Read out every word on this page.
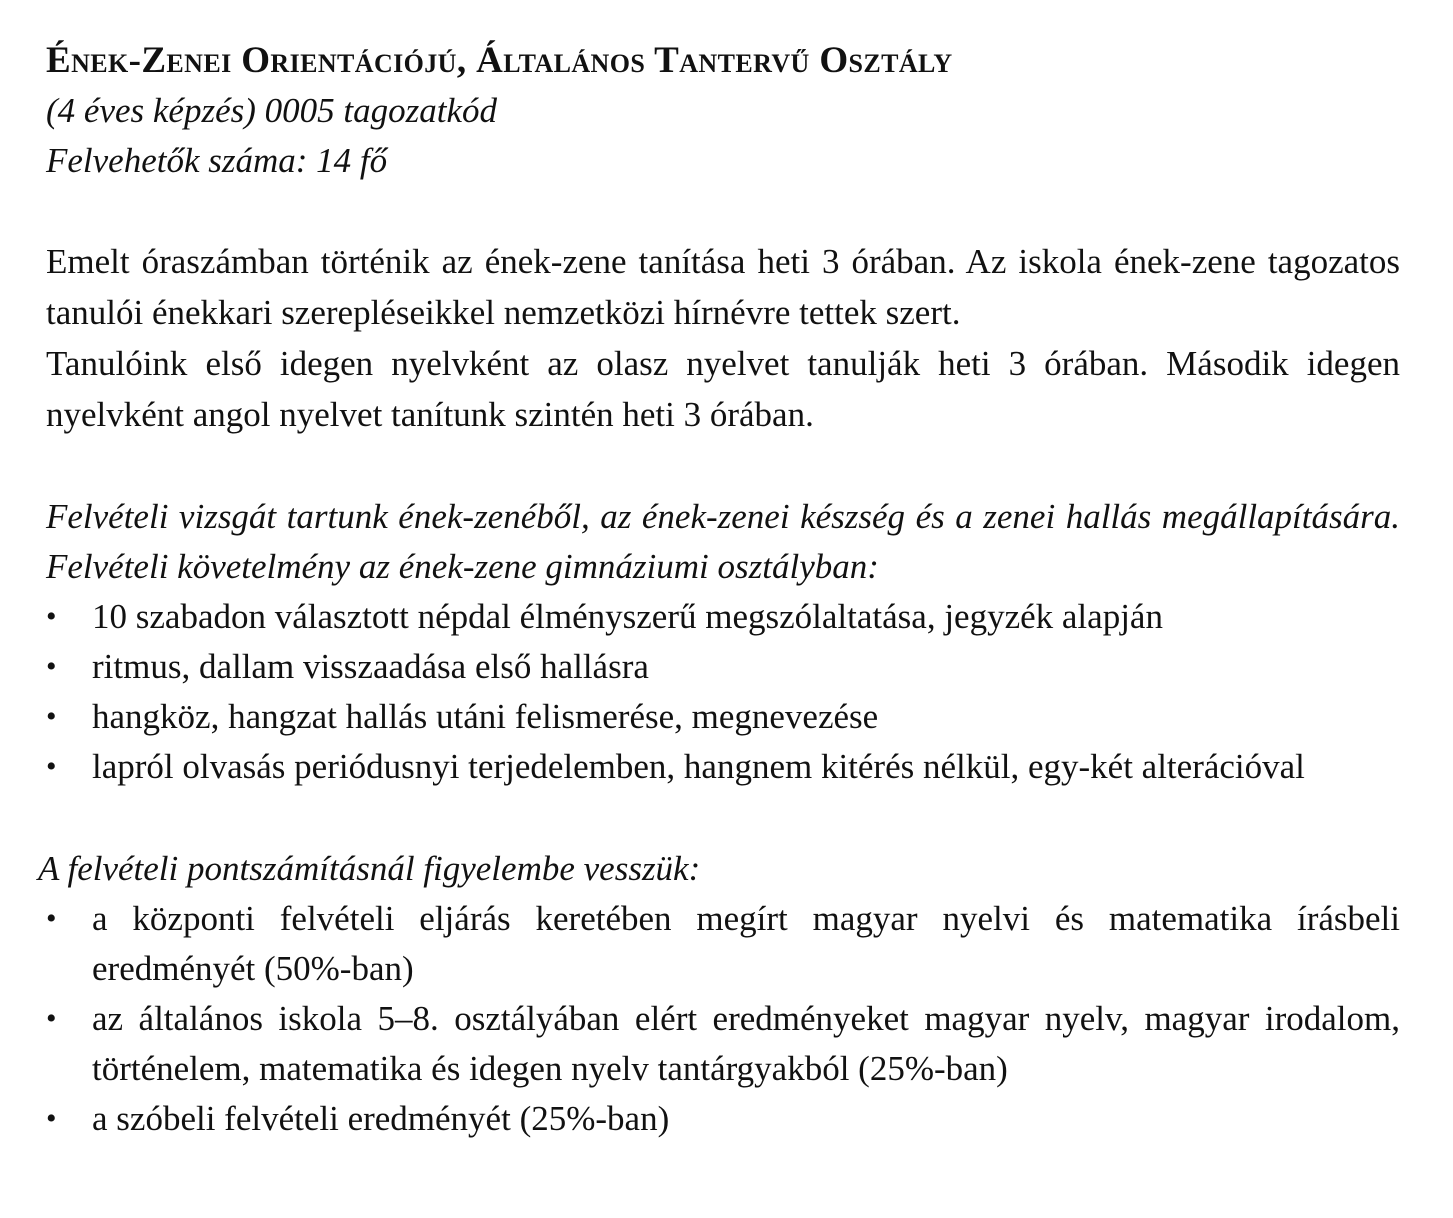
Ének-Zenei Orientációjú, Általános Tantervű Osztály
(4 éves képzés) 0005 tagozatkód
Felvehetők száma: 14 fő

Emelt óraszámban történik az ének-zene tanítása heti 3 órában. Az iskola ének-zene tagozatos tanulói énekkari szerepléseikkel nemzetközi hírnévre tettek szert.

Tanulóink első idegen nyelvként az olasz nyelvet tanulják heti 3 órában. Második idegen nyelvként angol nyelvet tanítunk szintén heti 3 órában.

Felvételi vizsgát tartunk ének-zenéből, az ének-zenei készség és a zenei hallás megállapítására. Felvételi követelmény az ének-zene gimnáziumi osztályban:

• 10 szabadon választott népdal élményszerű megszólaltatása, jegyzék alapján
• ritmus, dallam visszaadása első hallásra
• hangköz, hangzat hallás utáni felismerése, megnevezése
• lapról olvasás periódusnyi terjedelemben, hangnem kitérés nélkül, egy-két alterációval

A felvételi pontszámításnál figyelembe vesszük:

• a központi felvételi eljárás keretében megírt magyar nyelvi és matematika írásbeli eredményét (50%-ban)
• az általános iskola 5–8. osztályában elért eredményeket magyar nyelv, magyar irodalom, történelem, matematika és idegen nyelv tantárgyakból (25%-ban)
• a szóbeli felvételi eredményét (25%-ban)
